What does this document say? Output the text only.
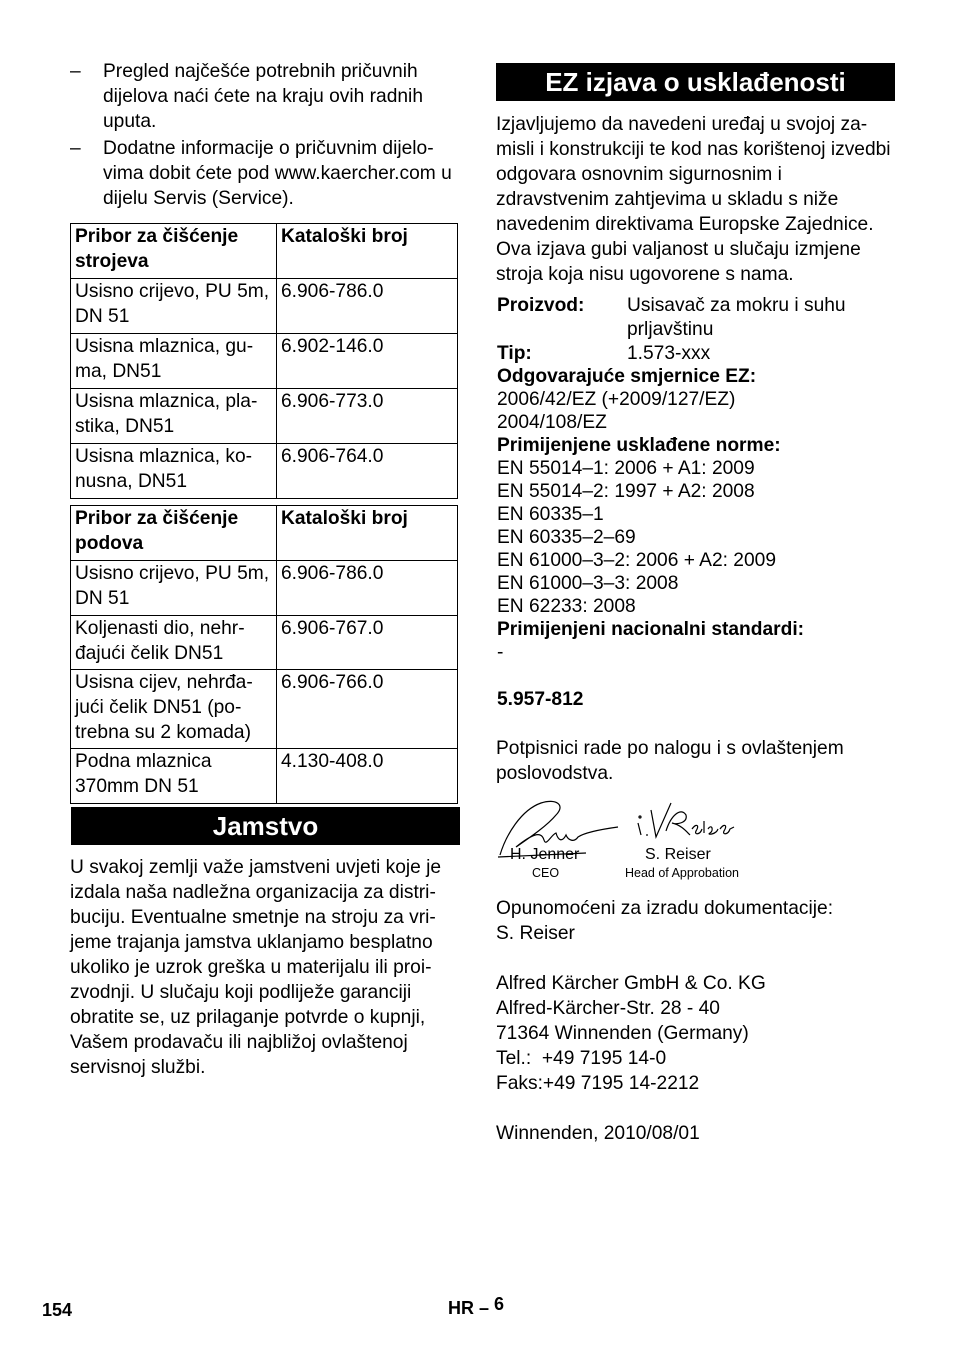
– Pregled najčešće potrebnih pričuvnih dijelova naći ćete na kraju ovih radnih uputa.
– Dodatne informacije o pričuvnim dijelovima dobit ćete pod www.kaercher.com u dijelu Servis (Service).
Pribor za čišćenje strojeva	Kataloški broj
Usisno crijevo, PU 5m, DN 51	6.906-786.0
Usisna mlaznica, guma, DN51	6.902-146.0
Usisna mlaznica, plastika, DN51	6.906-773.0
Usisna mlaznica, konusna, DN51	6.906-764.0
Pribor za čišćenje podova	Kataloški broj
Usisno crijevo, PU 5m, DN 51	6.906-786.0
Koljenasti dio, nehrđajući čelik DN51	6.906-767.0
Usisna cijev, nehrđajući čelik DN51 (potrebna su 2 komada)	6.906-766.0
Podna mlaznica 370mm DN 51	4.130-408.0
Jamstvo
U svakoj zemlji važe jamstveni uvjeti koje je izdala naša nadležna organizacija za distribuciju. Eventualne smetnje na stroju za vrijeme trajanja jamstva uklanjamo besplatno ukoliko je uzrok greška u materijalu ili proizvodnji. U slučaju koji podliježe garanciji obratite se, uz prilaganje potvrde o kupnji, Vašem prodavaču ili najbližoj ovlaštenoj servisnoj službi.
EZ izjava o usklađenosti
Izjavljujemo da navedeni uređaj u svojoj zamisli i konstrukciji te kod nas korištenoj izvedbi odgovara osnovnim sigurnosnim i zdravstvenim zahtjevima u skladu s niže navedenim direktivama Europske Zajednice. Ova izjava gubi valjanost u slučaju izmjene stroja koja nisu ugovorene s nama.
Proizvod:	Usisavač za mokru i suhu prljavštinu
Tip:	1.573-xxx
Odgovarajuće smjernice EZ:
2006/42/EZ (+2009/127/EZ)
2004/108/EZ
Primijenjene usklađene norme:
EN 55014–1: 2006 + A1: 2009
EN 55014–2: 1997 + A2: 2008
EN 60335–1
EN 60335–2–69
EN 61000–3–2: 2006 + A2: 2009
EN 61000–3–3: 2008
EN 62233: 2008
Primijenjeni nacionalni standardi:
-
5.957-812
Potpisnici rade po nalogu i s ovlaštenjem poslovodstva.
H. Jenner
CEO
S. Reiser
Head of Approbation
Opunomoćeni za izradu dokumentacije:
S. Reiser
Alfred Kärcher GmbH & Co. KG
Alfred-Kärcher-Str. 28 - 40
71364 Winnenden (Germany)
Tel.:  +49 7195 14-0
Faks:+49 7195 14-2212
Winnenden, 2010/08/01
154	HR – 6
